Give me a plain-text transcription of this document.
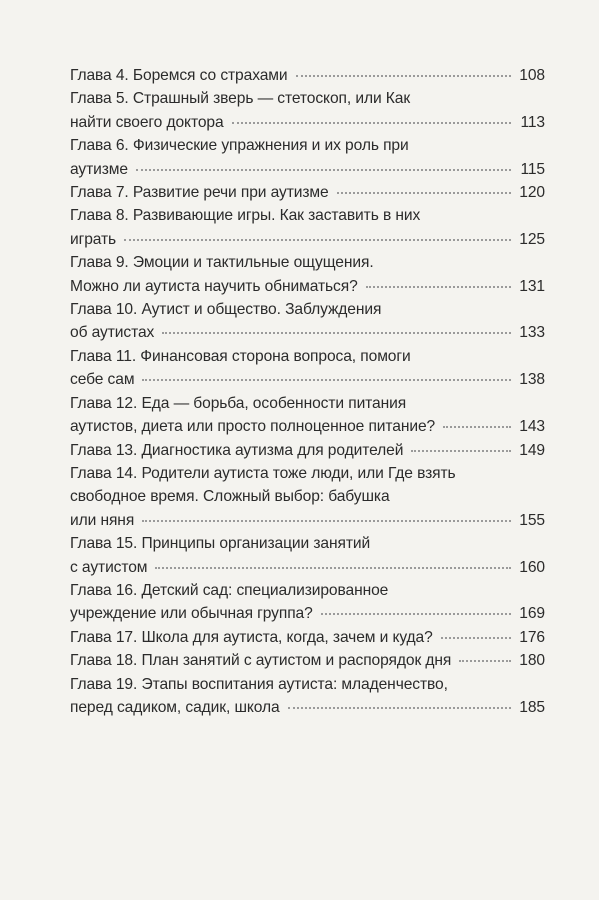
Глава 4. Боремся со страхами	108
Глава 5. Страшный зверь — стетоскоп, или Как
найти своего доктора	113
Глава 6. Физические упражнения и их роль при
аутизме	115
Глава 7. Развитие речи при аутизме	120
Глава 8. Развивающие игры. Как заставить в них
играть	125
Глава 9. Эмоции и тактильные ощущения.
Можно ли аутиста научить обниматься?	131
Глава 10. Аутист и общество. Заблуждения
об аутистах	133
Глава 11. Финансовая сторона вопроса, помоги
себе сам	138
Глава 12. Еда — борьба, особенности питания
аутистов, диета или просто полноценное питание?	143
Глава 13. Диагностика аутизма для родителей	149
Глава 14. Родители аутиста тоже люди, или Где взять
свободное время. Сложный выбор: бабушка
или няня	155
Глава 15. Принципы организации занятий
с аутистом	160
Глава 16. Детский сад: специализированное
учреждение или обычная группа?	169
Глава 17. Школа для аутиста, когда, зачем и куда?	176
Глава 18. План занятий с аутистом и распорядок дня	180
Глава 19. Этапы воспитания аутиста: младенчество,
перед садиком, садик, школа	185
